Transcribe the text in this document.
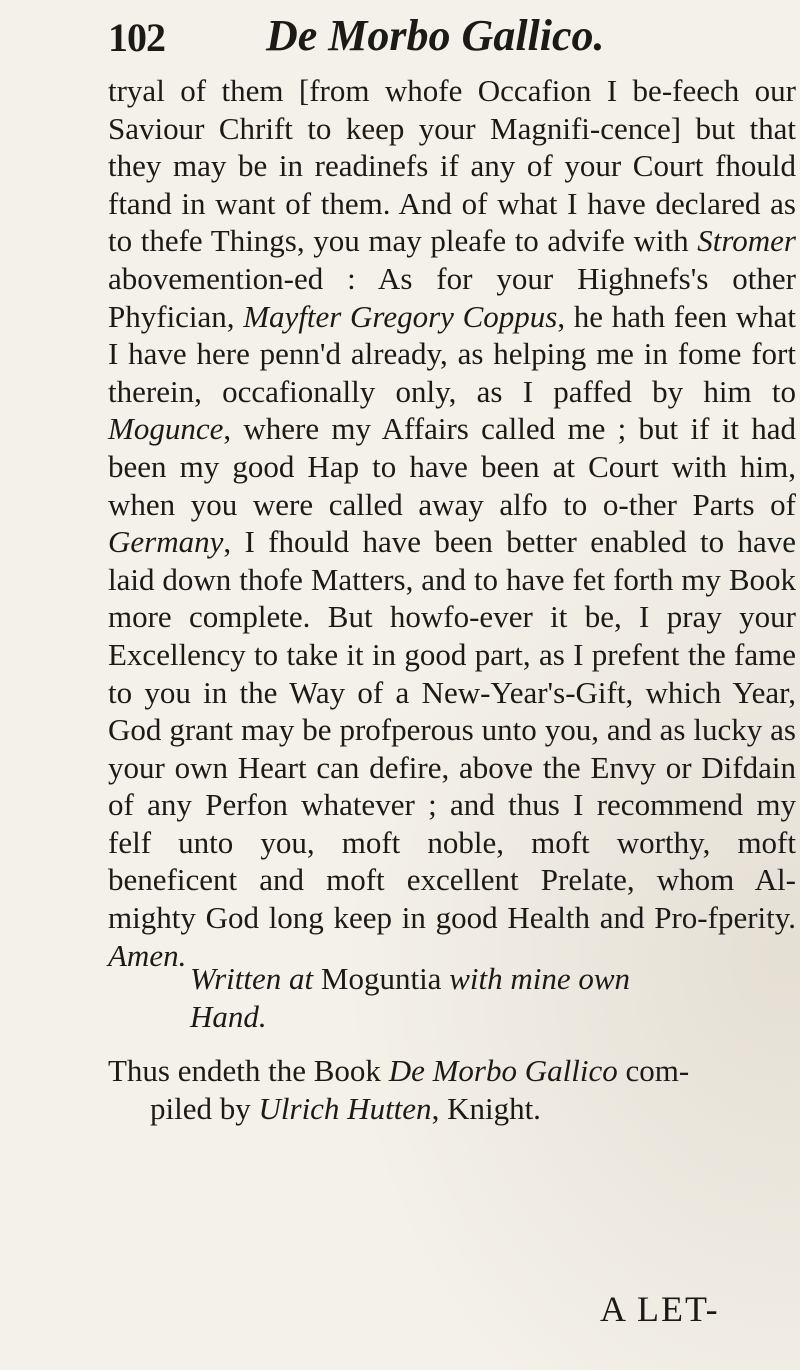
102 De Morbo Gallico.

tryal of them [from whofe Occafion I be-feech our Saviour Chrift to keep your Magnifi-cence] but that they may be in readinefs if any of your Court fhould ftand in want of them. And of what I have declared as to thefe Things, you may pleafe to advife with Stromer abovemention-ed : As for your Highnefs's other Phyfician, Mayfter Gregory Coppus, he hath feen what I have here penn'd already, as helping me in fome fort therein, occafionally only, as I paffed by him to Mogunce, where my Affairs called me ; but if it had been my good Hap to have been at Court with him, when you were called away alfo to o-ther Parts of Germany, I fhould have been better enabled to have laid down thofe Matters, and to have fet forth my Book more complete. But howfo-ever it be, I pray your Excellency to take it in good part, as I prefent the fame to you in the Way of a New-Year's-Gift, which Year, God grant may be profperous unto you, and as lucky as your own Heart can defire, above the Envy or Difdain of any Perfon whatever ; and thus I recommend my felf unto you, moft noble, moft worthy, moft beneficent and moft excellent Prelate, whom Al-mighty God long keep in good Health and Pro-fperity. Amen.

Written at Moguntia with mine own
Hand.

Thus endeth the Book De Morbo Gallico com-
piled by Ulrich Hutten, Knight.

A LET-
